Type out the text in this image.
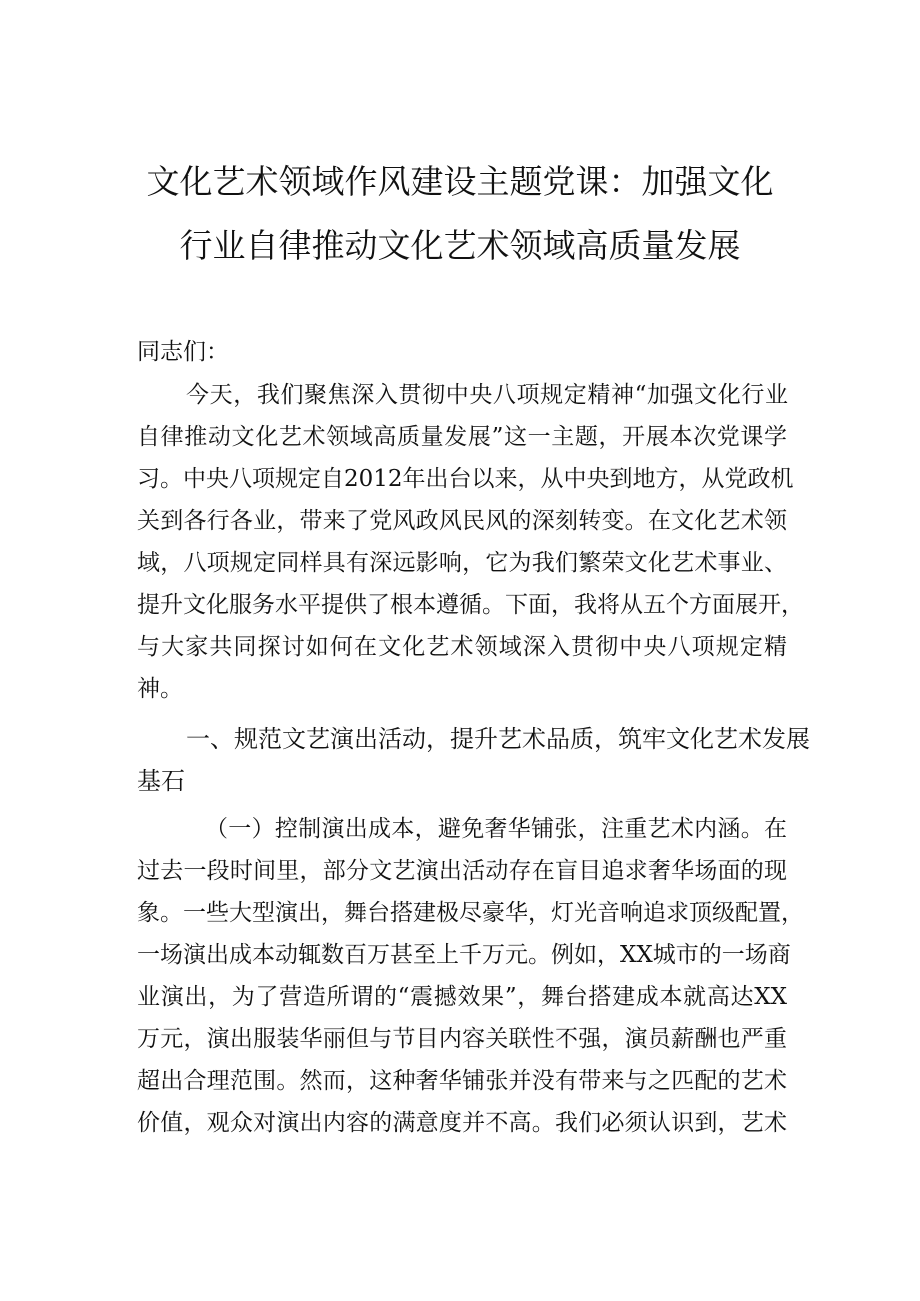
文化艺术领域作风建设主题党课：加强文化
行业自律推动文化艺术领域高质量发展

同志们：

今天，我们聚焦深入贯彻中央八项规定精神“加强文化行业

自律推动文化艺术领域高质量发展”这一主题，开展本次党课学

习。中央八项规定自2012年出台以来，从中央到地方，从党政机

关到各行各业，带来了党风政风民风的深刻转变。在文化艺术领

域，八项规定同样具有深远影响，它为我们繁荣文化艺术事业、

提升文化服务水平提供了根本遵循。下面，我将从五个方面展开，

与大家共同探讨如何在文化艺术领域深入贯彻中央八项规定精

神。

一、规范文艺演出活动，提升艺术品质，筑牢文化艺术发展

基石

（一）控制演出成本，避免奢华铺张，注重艺术内涵。在

过去一段时间里，部分文艺演出活动存在盲目追求奢华场面的现

象。一些大型演出，舞台搭建极尽豪华，灯光音响追求顶级配置，

一场演出成本动辄数百万甚至上千万元。例如，XX城市的一场商

业演出，为了营造所谓的“震撼效果”，舞台搭建成本就高达XX

万元，演出服装华丽但与节目内容关联性不强，演员薪酬也严重

超出合理范围。然而，这种奢华铺张并没有带来与之匹配的艺术

价值，观众对演出内容的满意度并不高。我们必须认识到，艺术
